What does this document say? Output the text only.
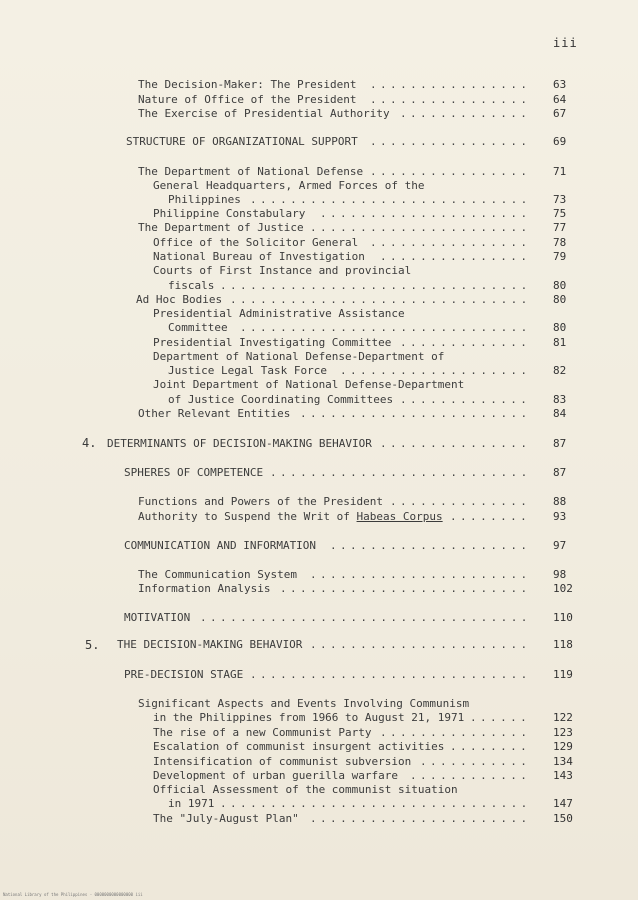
iii
4.
5.
The Decision-Maker: The President ................ 63
Nature of Office of the President ................ 64
The Exercise of Presidential Authority ............. 67
STRUCTURE OF ORGANIZATIONAL SUPPORT ................ 69
The Department of National Defense ................ 71
General Headquarters, Armed Forces of the
Philippines ............................ 73
Philippine Constabulary ..................... 75
The Department of Justice ...................... 77
Office of the Solicitor General ................ 78
National Bureau of Investigation ............... 79
Courts of First Instance and provincial
fiscals ............................... 80
Ad Hoc Bodies .............................. 80
Presidential Administrative Assistance
Committee ............................. 80
Presidential Investigating Committee ............. 81
Department of National Defense-Department of
Justice Legal Task Force ................... 82
Joint Department of National Defense-Department
of Justice Coordinating Committees ............. 83
Other Relevant Entities ....................... 84
DETERMINANTS OF DECISION-MAKING BEHAVIOR ............... 87
SPHERES OF COMPETENCE .......................... 87
Functions and Powers of the President .............. 88
Authority to Suspend the Writ of Habeas Corpus ........ 93
COMMUNICATION AND INFORMATION .................... 97
The Communication System ...................... 98
Information Analysis ......................... 102
MOTIVATION ................................. 110
THE DECISION-MAKING BEHAVIOR ...................... 118
PRE-DECISION STAGE ............................ 119
Significant Aspects and Events Involving Communism
in the Philippines from 1966 to August 21, 1971 ...... 122
The rise of a new Communist Party ............... 123
Escalation of communist insurgent activities ........ 129
Intensification of communist subversion ........... 134
Development of urban guerilla warfare ............ 143
Official Assessment of the communist situation
in 1971 ............................... 147
The "July-August Plan" ...................... 150
National Library of the Philippines - 0000000000000000 iii
